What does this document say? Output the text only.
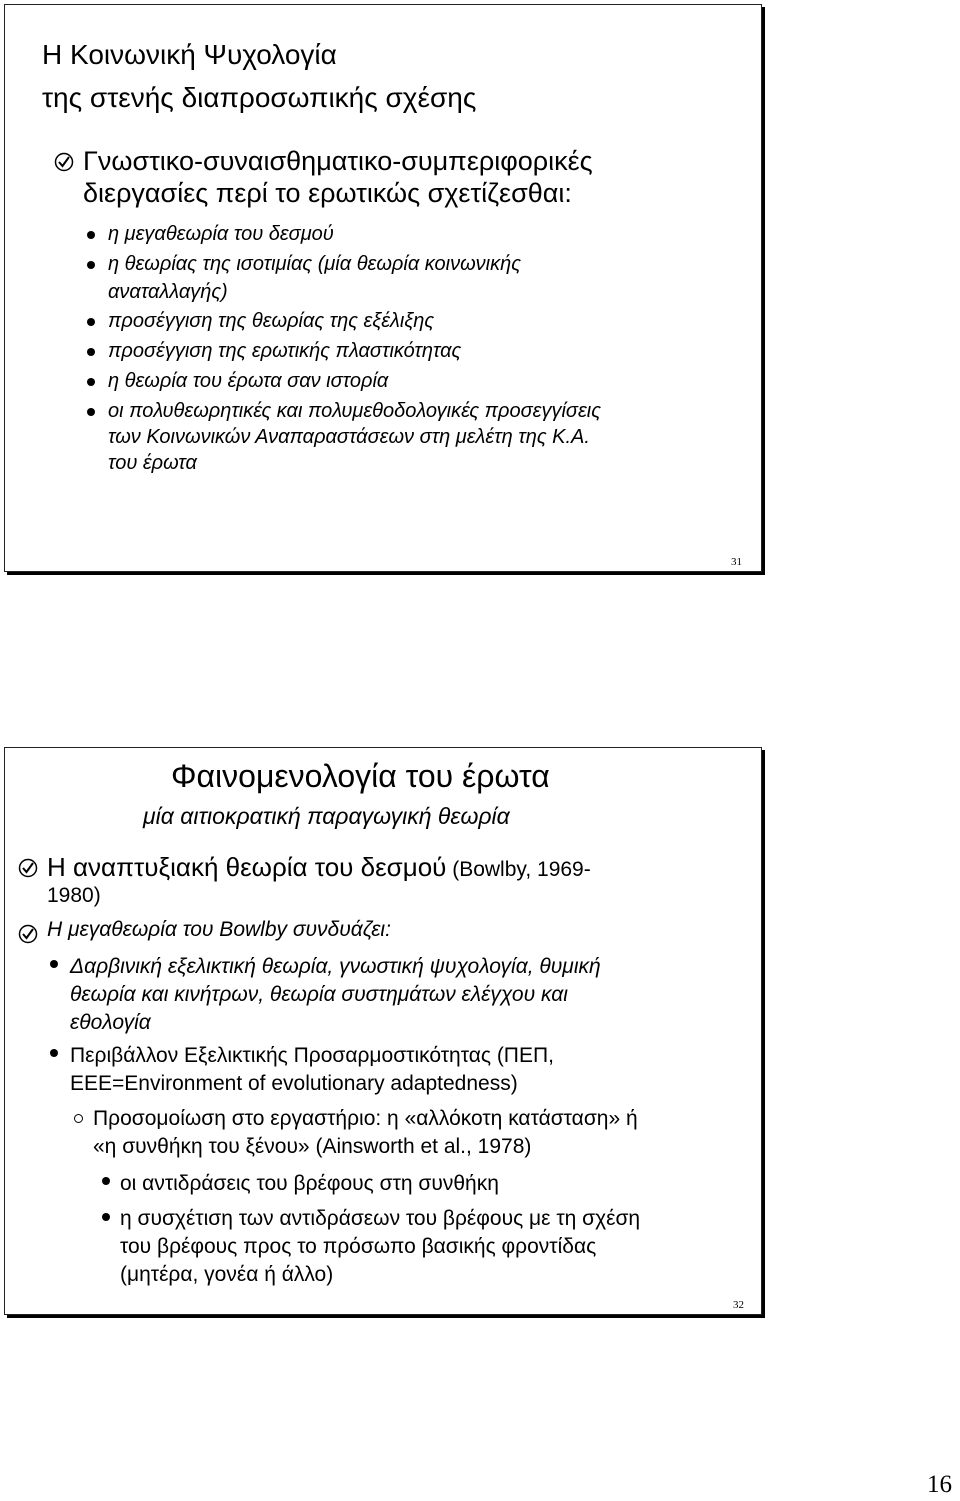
Η Κοινωνική Ψυχολογία
της στενής διαπροσωπικής σχέσης
Γνωστικο-συναισθηματικο-συμπεριφορικές
διεργασίες περί το ερωτικώς σχετίζεσθαι:
η μεγαθεωρία του δεσμού
η θεωρίας της ισοτιμίας (μία θεωρία κοινωνικής
αναταλλαγής)
προσέγγιση της θεωρίας της εξέλιξης
προσέγγιση της ερωτικής πλαστικότητας
η θεωρία του έρωτα σαν ιστορία
οι πολυθεωρητικές και πολυμεθοδολογικές προσεγγίσεις
των Κοινωνικών Αναπαραστάσεων στη μελέτη της Κ.Α.
του έρωτα
31
Φαινομενολογία του έρωτα
μία αιτιοκρατική παραγωγική θεωρία
Η αναπτυξιακή θεωρία του δεσμού (Bowlby, 1969-
1980)
Η μεγαθεωρία του Bowlby συνδυάζει:
Δαρβινική εξελικτική θεωρία, γνωστική ψυχολογία, θυμική
θεωρία και κινήτρων, θεωρία συστημάτων ελέγχου και
εθολογία
Περιβάλλον Εξελικτικής Προσαρμοστικότητας (ΠΕΠ,
EEE=Environment of evolutionary adaptedness)
Προσομοίωση στο εργαστήριο: η «αλλόκοτη κατάσταση» ή
«η συνθήκη του ξένου» (Ainsworth et al., 1978)
οι αντιδράσεις του βρέφους στη συνθήκη
η συσχέτιση των αντιδράσεων του βρέφους με τη σχέση
του βρέφους προς το πρόσωπο βασικής φροντίδας
(μητέρα, γονέα ή άλλο)
32
16
